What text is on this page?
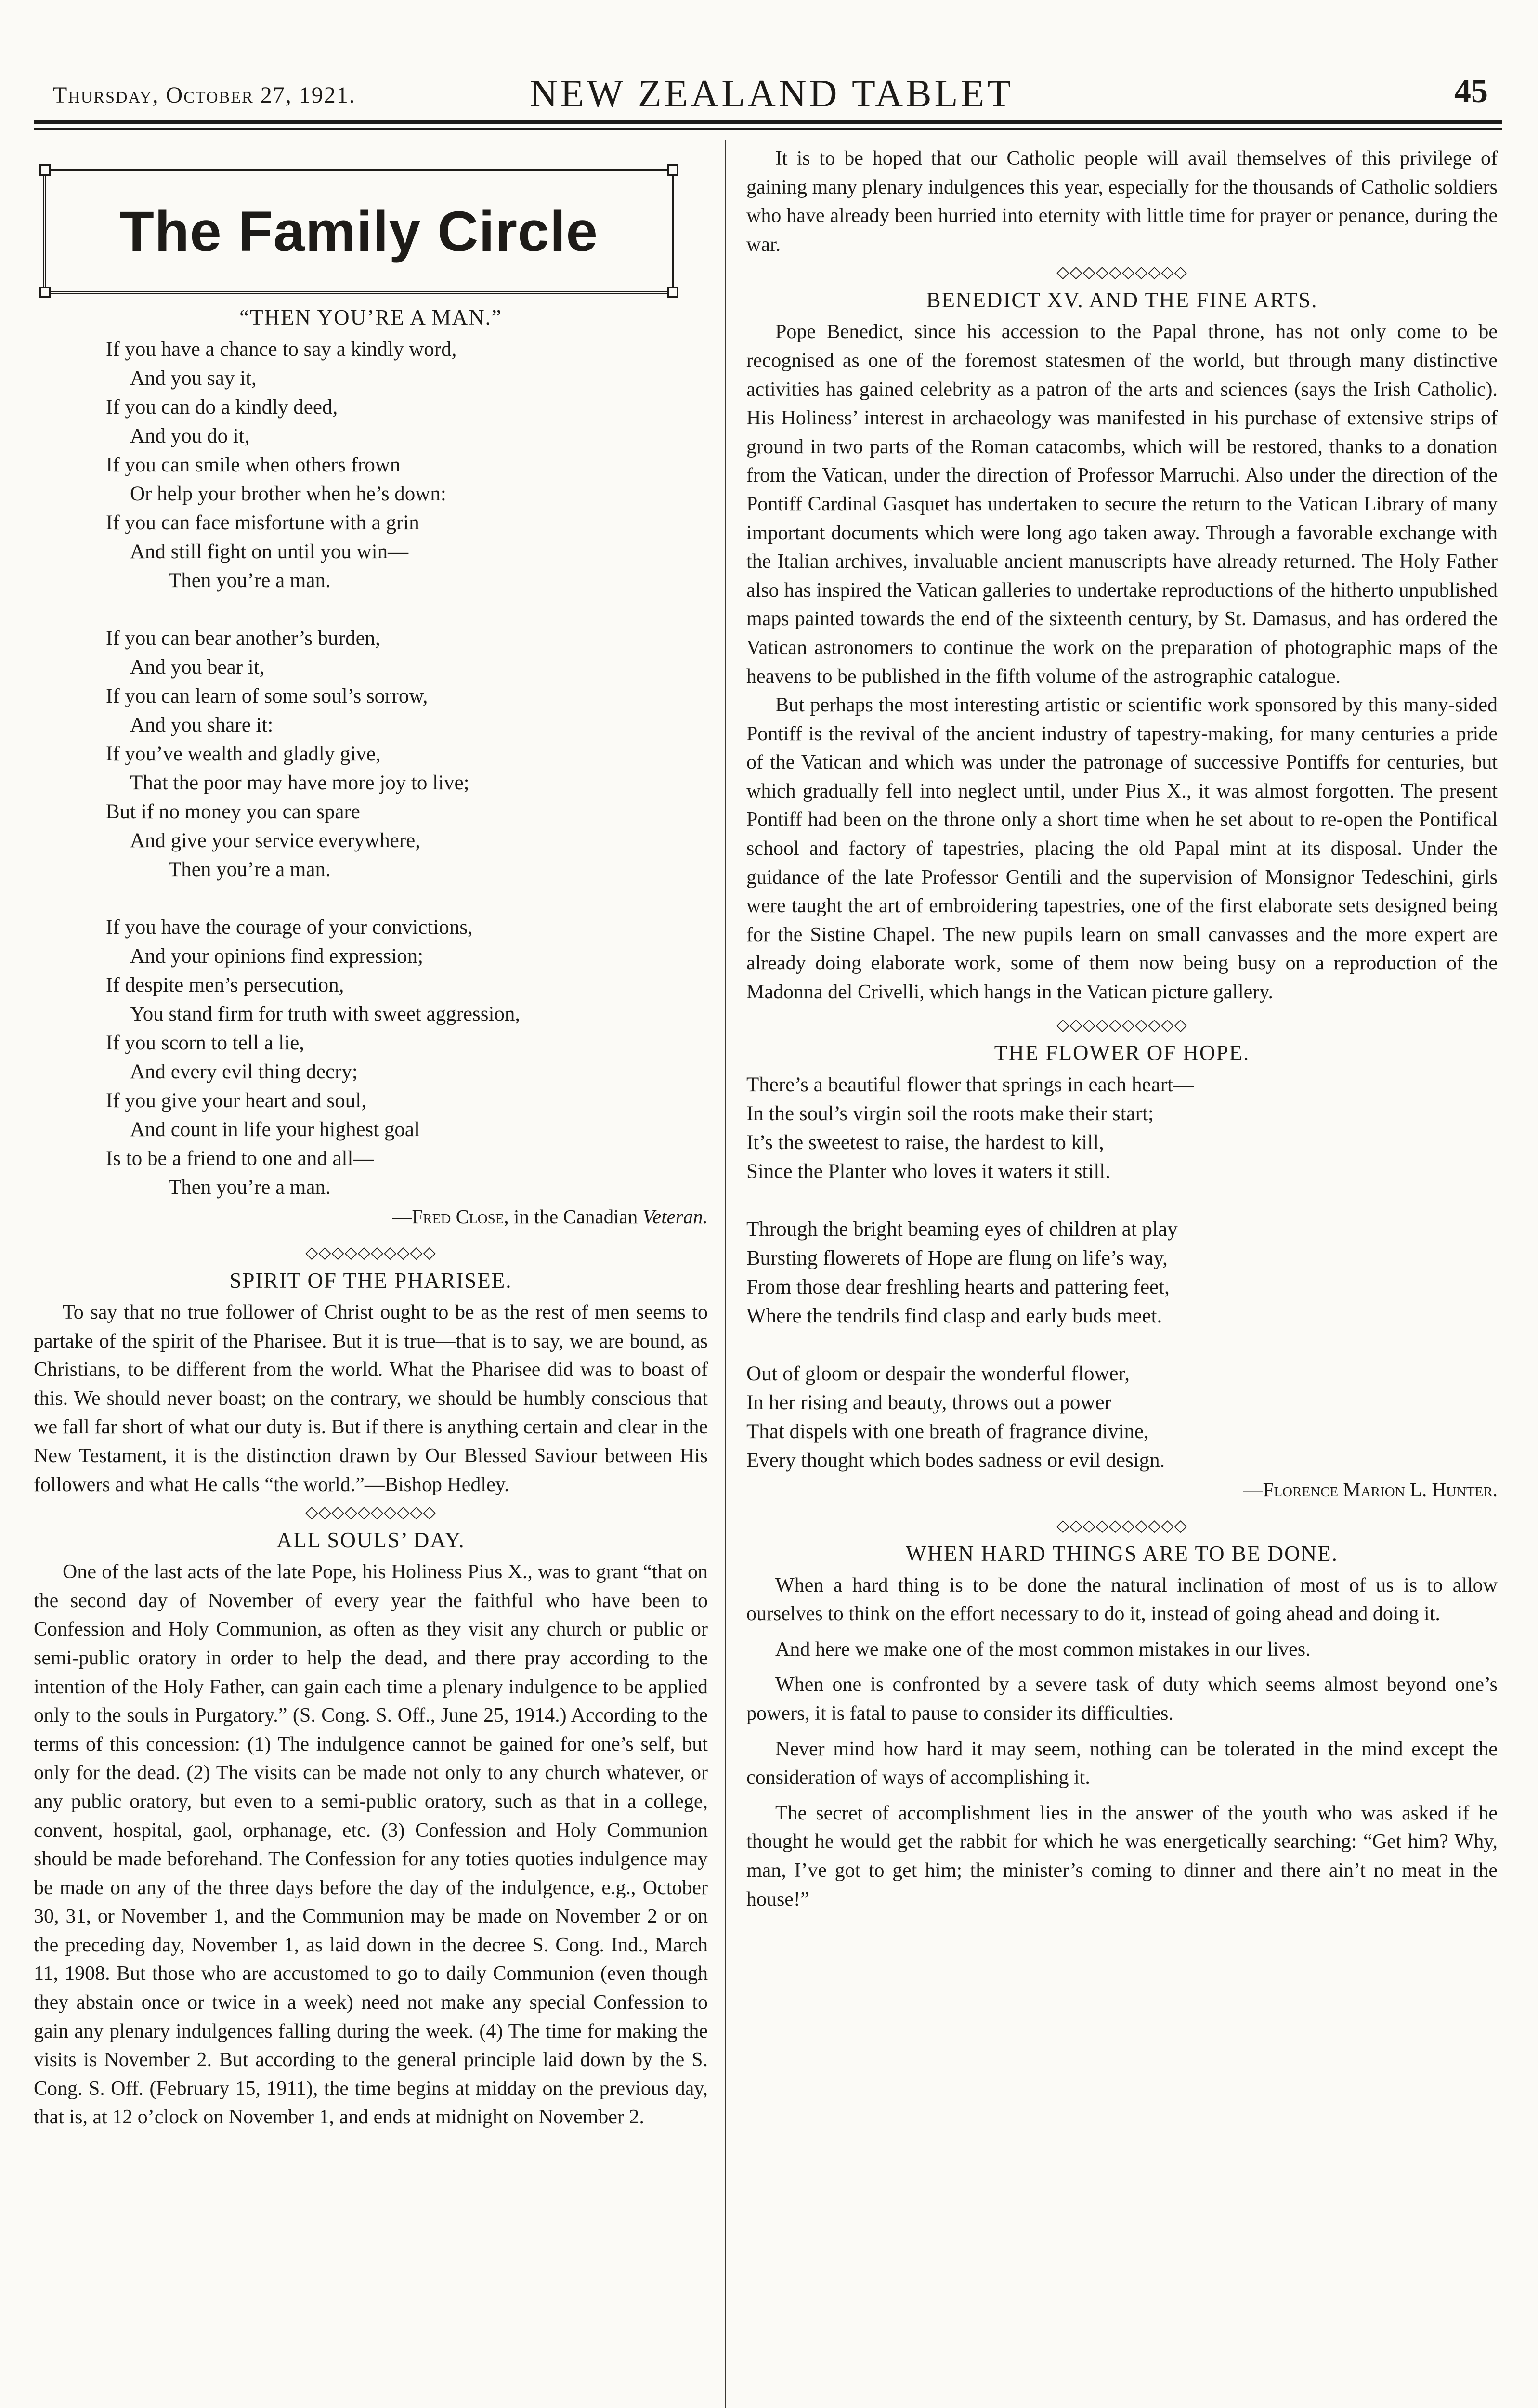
Thursday, October 27, 1921.	NEW ZEALAND TABLET	45
The Family Circle
“THEN YOU’RE A MAN.”
If you have a chance to say a kindly word,
And you say it,
If you can do a kindly deed,
And you do it,
If you can smile when others frown
Or help your brother when he’s down:
If you can face misfortune with a grin
And still fight on until you win—
Then you’re a man.

If you can bear another’s burden,
And you bear it,
If you can learn of some soul’s sorrow,
And you share it:
If you’ve wealth and gladly give,
That the poor may have more joy to live;
But if no money you can spare
And give your service everywhere,
Then you’re a man.

If you have the courage of your convictions,
And your opinions find expression;
If despite men’s persecution,
You stand firm for truth with sweet aggression,
If you scorn to tell a lie,
And every evil thing decry;
If you give your heart and soul,
And count in life your highest goal
Is to be a friend to one and all—
Then you’re a man.
—Fred Close, in the Canadian Veteran.
◇◇◇◇◇◇◇◇◇◇
SPIRIT OF THE PHARISEE.

To say that no true follower of Christ ought to be as the rest of men seems to partake of the spirit of the Pharisee. But it is true—that is to say, we are bound, as Christians, to be different from the world. What the Pharisee did was to boast of this. We should never boast; on the contrary, we should be humbly conscious that we fall far short of what our duty is. But if there is anything certain and clear in the New Testament, it is the distinction drawn by Our Blessed Saviour between His followers and what He calls “the world.”—Bishop Hedley.

◇◇◇◇◇◇◇◇◇◇
ALL SOULS’ DAY.

One of the last acts of the late Pope, his Holiness Pius X., was to grant “that on the second day of November of every year the faithful who have been to Confession and Holy Communion, as often as they visit any church or public or semi-public oratory in order to help the dead, and there pray according to the intention of the Holy Father, can gain each time a plenary indulgence to be applied only to the souls in Purgatory.” (S. Cong. S. Off., June 25, 1914.) According to the terms of this concession: (1) The indulgence cannot be gained for one’s self, but only for the dead. (2) The visits can be made not only to any church whatever, or any public oratory, but even to a semi-public oratory, such as that in a college, convent, hospital, gaol, orphanage, etc. (3) Confession and Holy Communion should be made beforehand. The Confession for any toties quoties indulgence may be made on any of the three days before the day of the indulgence, e.g., October 30, 31, or November 1, and the Communion may be made on November 2 or on the preceding day, November 1, as laid down in the decree S. Cong. Ind., March 11, 1908. But those who are accustomed to go to daily Communion (even though they abstain once or twice in a week) need not make any special Confession to gain any plenary indulgences falling during the week. (4) The time for making the visits is November 2. But according to the general principle laid down by the S. Cong. S. Off. (February 15, 1911), the time begins at midday on the previous day, that is, at 12 o’clock on November 1, and ends at midnight on November 2.

It is to be hoped that our Catholic people will avail themselves of this privilege of gaining many plenary indulgences this year, especially for the thousands of Catholic soldiers who have already been hurried into eternity with little time for prayer or penance, during the war.

◇◇◇◇◇◇◇◇◇◇
BENEDICT XV. AND THE FINE ARTS.

Pope Benedict, since his accession to the Papal throne, has not only come to be recognised as one of the foremost statesmen of the world, but through many distinctive activities has gained celebrity as a patron of the arts and sciences (says the Irish Catholic). His Holiness’ interest in archaeology was manifested in his purchase of extensive strips of ground in two parts of the Roman catacombs, which will be restored, thanks to a donation from the Vatican, under the direction of Professor Marruchi. Also under the direction of the Pontiff Cardinal Gasquet has undertaken to secure the return to the Vatican Library of many important documents which were long ago taken away. Through a favorable exchange with the Italian archives, invaluable ancient manuscripts have already returned. The Holy Father also has inspired the Vatican galleries to undertake reproductions of the hitherto unpublished maps painted towards the end of the sixteenth century, by St. Damasus, and has ordered the Vatican astronomers to continue the work on the preparation of photographic maps of the heavens to be published in the fifth volume of the astrographic catalogue.

But perhaps the most interesting artistic or scientific work sponsored by this many-sided Pontiff is the revival of the ancient industry of tapestry-making, for many centuries a pride of the Vatican and which was under the patronage of successive Pontiffs for centuries, but which gradually fell into neglect until, under Pius X., it was almost forgotten. The present Pontiff had been on the throne only a short time when he set about to re-open the Pontifical school and factory of tapestries, placing the old Papal mint at its disposal. Under the guidance of the late Professor Gentili and the supervision of Monsignor Tedeschini, girls were taught the art of embroidering tapestries, one of the first elaborate sets designed being for the Sistine Chapel. The new pupils learn on small canvasses and the more expert are already doing elaborate work, some of them now being busy on a reproduction of the Madonna del Crivelli, which hangs in the Vatican picture gallery.

◇◇◇◇◇◇◇◇◇◇
THE FLOWER OF HOPE.
There’s a beautiful flower that springs in each heart—
In the soul’s virgin soil the roots make their start;
It’s the sweetest to raise, the hardest to kill,
Since the Planter who loves it waters it still.

Through the bright beaming eyes of children at play
Bursting flowerets of Hope are flung on life’s way,
From those dear freshling hearts and pattering feet,
Where the tendrils find clasp and early buds meet.

Out of gloom or despair the wonderful flower,
In her rising and beauty, throws out a power
That dispels with one breath of fragrance divine,
Every thought which bodes sadness or evil design.
—Florence Marion L. Hunter.
◇◇◇◇◇◇◇◇◇◇
WHEN HARD THINGS ARE TO BE DONE.

When a hard thing is to be done the natural inclination of most of us is to allow ourselves to think on the effort necessary to do it, instead of going ahead and doing it.

And here we make one of the most common mistakes in our lives.

When one is confronted by a severe task of duty which seems almost beyond one’s powers, it is fatal to pause to consider its difficulties.

Never mind how hard it may seem, nothing can be tolerated in the mind except the consideration of ways of accomplishing it.

The secret of accomplishment lies in the answer of the youth who was asked if he thought he would get the rabbit for which he was energetically searching: “Get him? Why, man, I’ve got to get him; the minister’s coming to dinner and there ain’t no meat in the house!”
